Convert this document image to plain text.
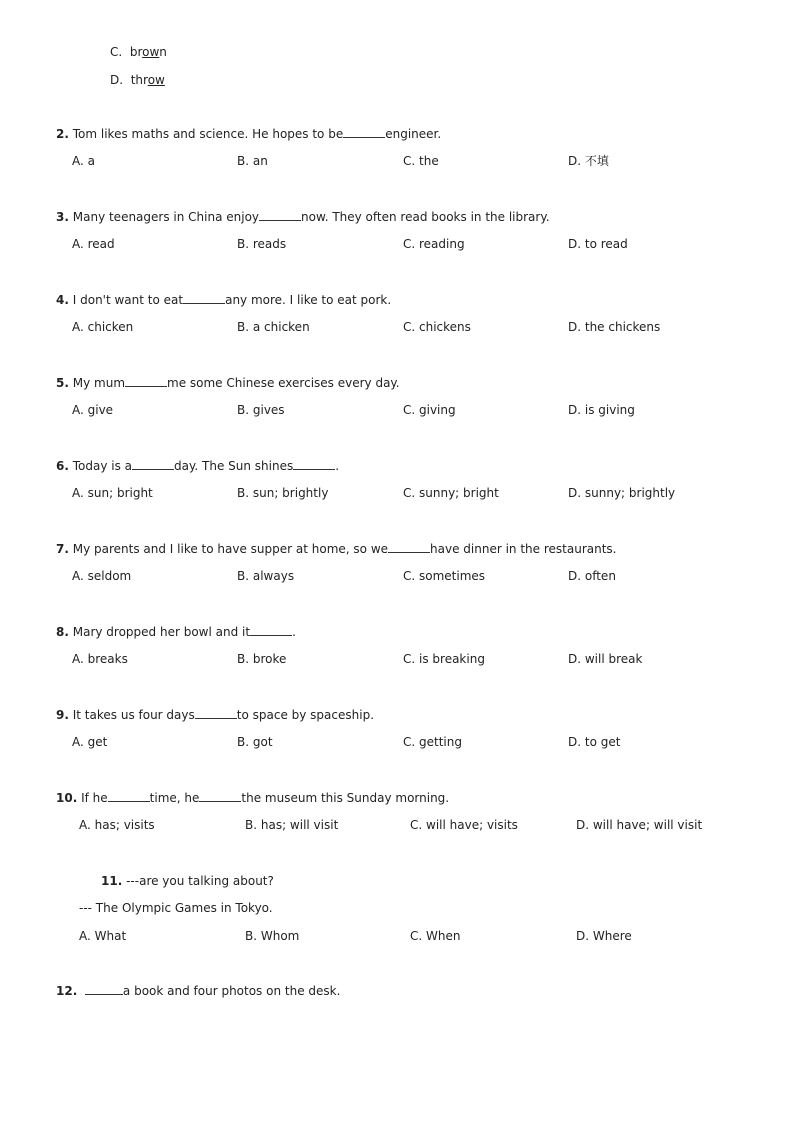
C. brown
D. throw
2. Tom likes maths and science. He hopes to be	engineer.
A. a	B. an	C. the	D. 不填
3. Many teenagers in China enjoy	now. They often read books in the library.
A. read	B. reads	C. reading	D. to read
4. I don't want to eat	any more. I like to eat pork.
A. chicken	B. a chicken	C. chickens	D. the chickens
5. My mum	me some Chinese exercises every day.
A. give	B. gives	C. giving	D. is giving
6. Today is a	day. The Sun shines	.
A. sun; bright	B. sun; brightly	C. sunny; bright	D. sunny; brightly
7. My parents and I like to have supper at home, so we	have dinner in the restaurants.
A. seldom	B. always	C. sometimes	D. often
8. Mary dropped her bowl and it	.
A. breaks	B. broke	C. is breaking	D. will break
9. It takes us four days	to space by spaceship.
A. get	B. got	C. getting	D. to get
10. If he	time, he	the museum this Sunday morning.
A. has; visits	B. has; will visit	C. will have; visits	D. will have; will visit
11. ---are you talking about?
--- The Olympic Games in Tokyo.
A. What	B. Whom	C. When	D. Where
12.	a book and four photos on the desk.
